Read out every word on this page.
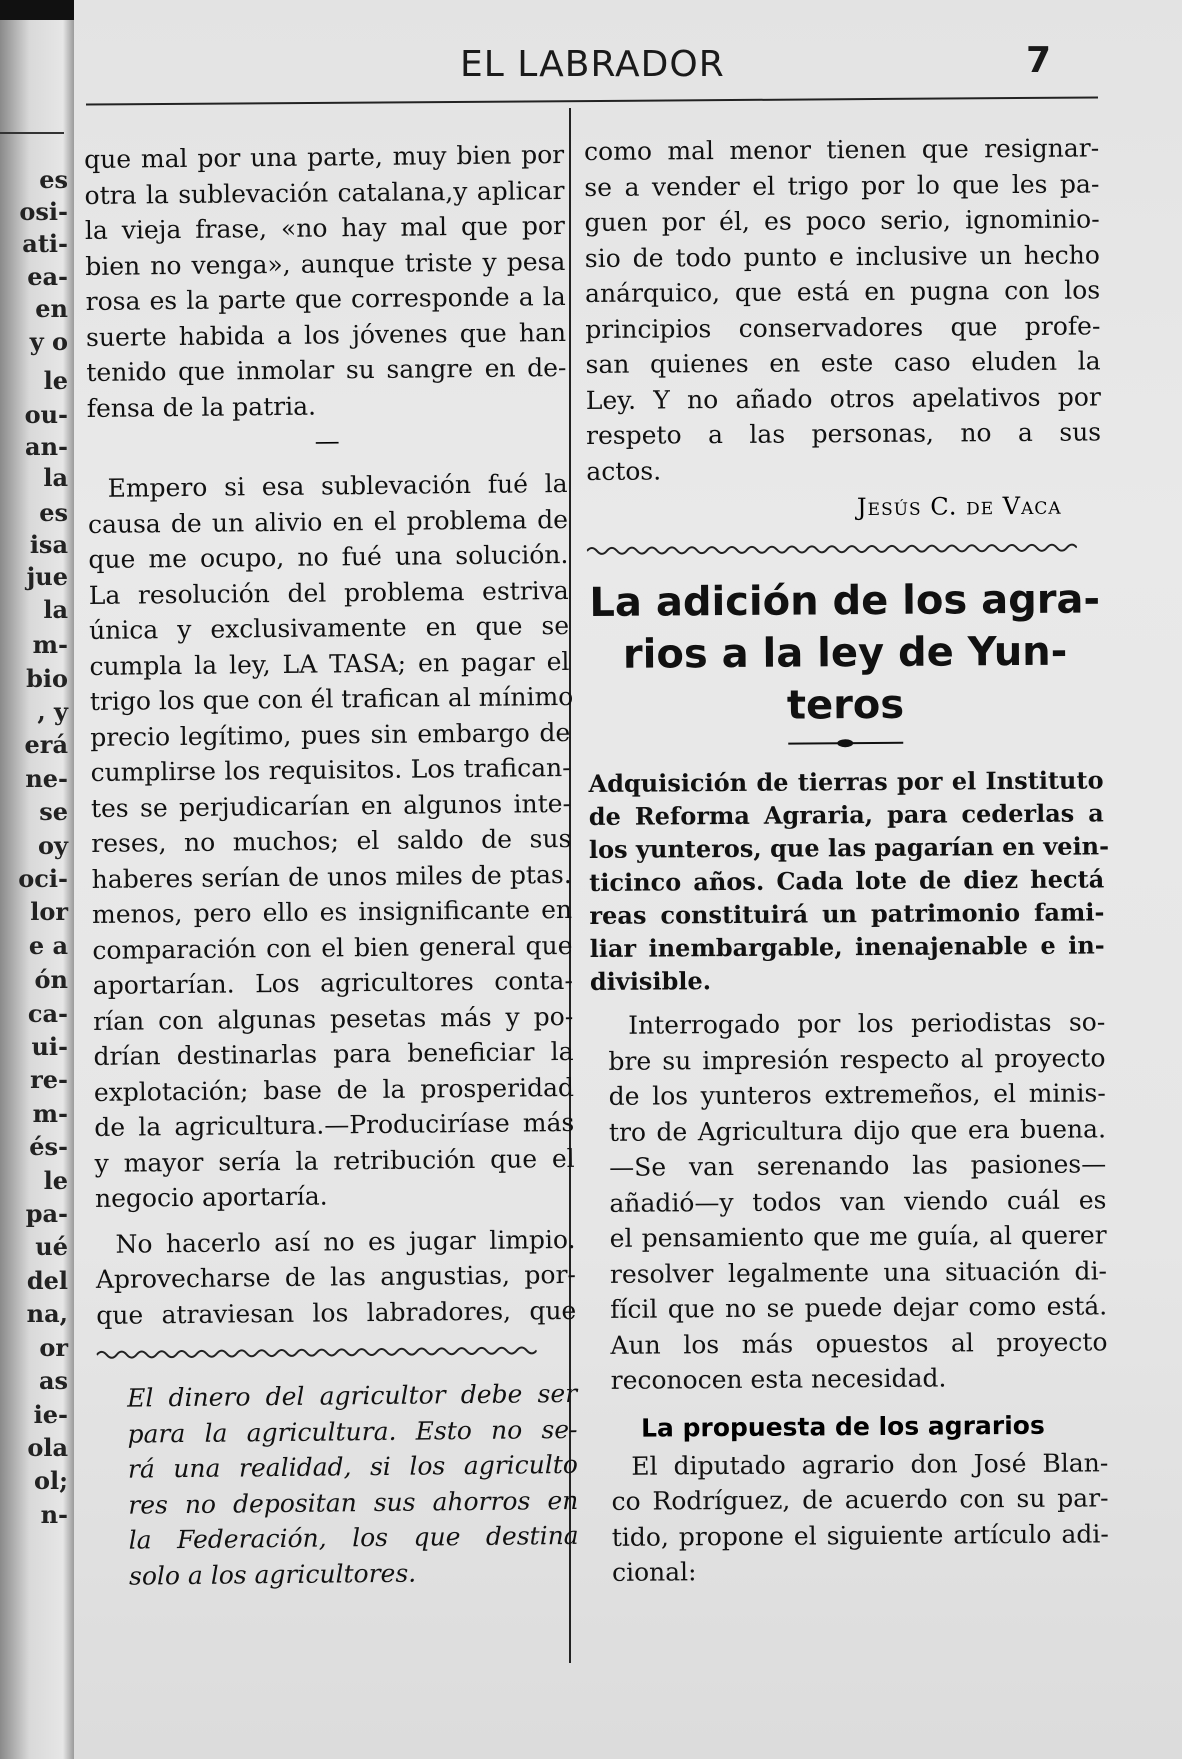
es
osi-
ati-
ea-
en
y o
le
ou-
an-
la
es
isa
jue
la
m-
bio
, y
erá
ne-
se
oy
oci-
lor
e a
ón
ca-
ui-
re-
m-
és-
le
pa-
ué
del
na,
or
as
ie-
ola
ol;
n-
EL LABRADOR	7
que mal por una parte, muy bien por
otra la sublevación catalana,y aplicar
la vieja frase, «no hay mal que por
bien no venga», aunque triste y pesa
rosa es la parte que corresponde a la
suerte habida a los jóvenes que han
tenido que inmolar su sangre en de-
fensa de la patria.
—
Empero si esa sublevación fué la
causa de un alivio en el problema de
que me ocupo, no fué una solución.
La resolución del problema estriva
única y exclusivamente en que se
cumpla la ley, LA TASA; en pagar el
trigo los que con él trafican al mínimo
precio legítimo, pues sin embargo de
cumplirse los requisitos. Los trafican-
tes se perjudicarían en algunos inte-
reses, no muchos; el saldo de sus
haberes serían de unos miles de ptas.
menos, pero ello es insignificante en
comparación con el bien general que
aportarían. Los agricultores conta-
rían con algunas pesetas más y po-
drían destinarlas para beneficiar la
explotación; base de la prosperidad
de la agricultura.—Produciríase más
y mayor sería la retribución que el
negocio aportaría.
No hacerlo así no es jugar limpio.
Aprovecharse de las angustias, por-
que atraviesan los labradores, que
El dinero del agricultor debe ser
para la agricultura. Esto no se-
rá una realidad, si los agriculto
res no depositan sus ahorros en
la Federación, los que destina
solo a los agricultores.
como mal menor tienen que resignar-
se a vender el trigo por lo que les pa-
guen por él, es poco serio, ignominio-
sio de todo punto e inclusive un hecho
anárquico, que está en pugna con los
principios conservadores que profe-
san quienes en este caso eluden la
Ley. Y no añado otros apelativos por
respeto a las personas, no a sus
actos.
Jesús C. de Vaca
La adición de los agra-
rios a la ley de Yun-
teros
Adquisición de tierras por el Instituto
de Reforma Agraria, para cederlas a
los yunteros, que las pagarían en vein-
ticinco años. Cada lote de diez hectá
reas constituirá un patrimonio fami-
liar inembargable, inenajenable e in-
divisible.
Interrogado por los periodistas so-
bre su impresión respecto al proyecto
de los yunteros extremeños, el minis-
tro de Agricultura dijo que era buena.
—Se van serenando las pasiones—
añadió—y todos van viendo cuál es
el pensamiento que me guía, al querer
resolver legalmente una situación di-
fícil que no se puede dejar como está.
Aun los más opuestos al proyecto
reconocen esta necesidad.
La propuesta de los agrarios
El diputado agrario don José Blan-
co Rodríguez, de acuerdo con su par-
tido, propone el siguiente artículo adi-
cional:
